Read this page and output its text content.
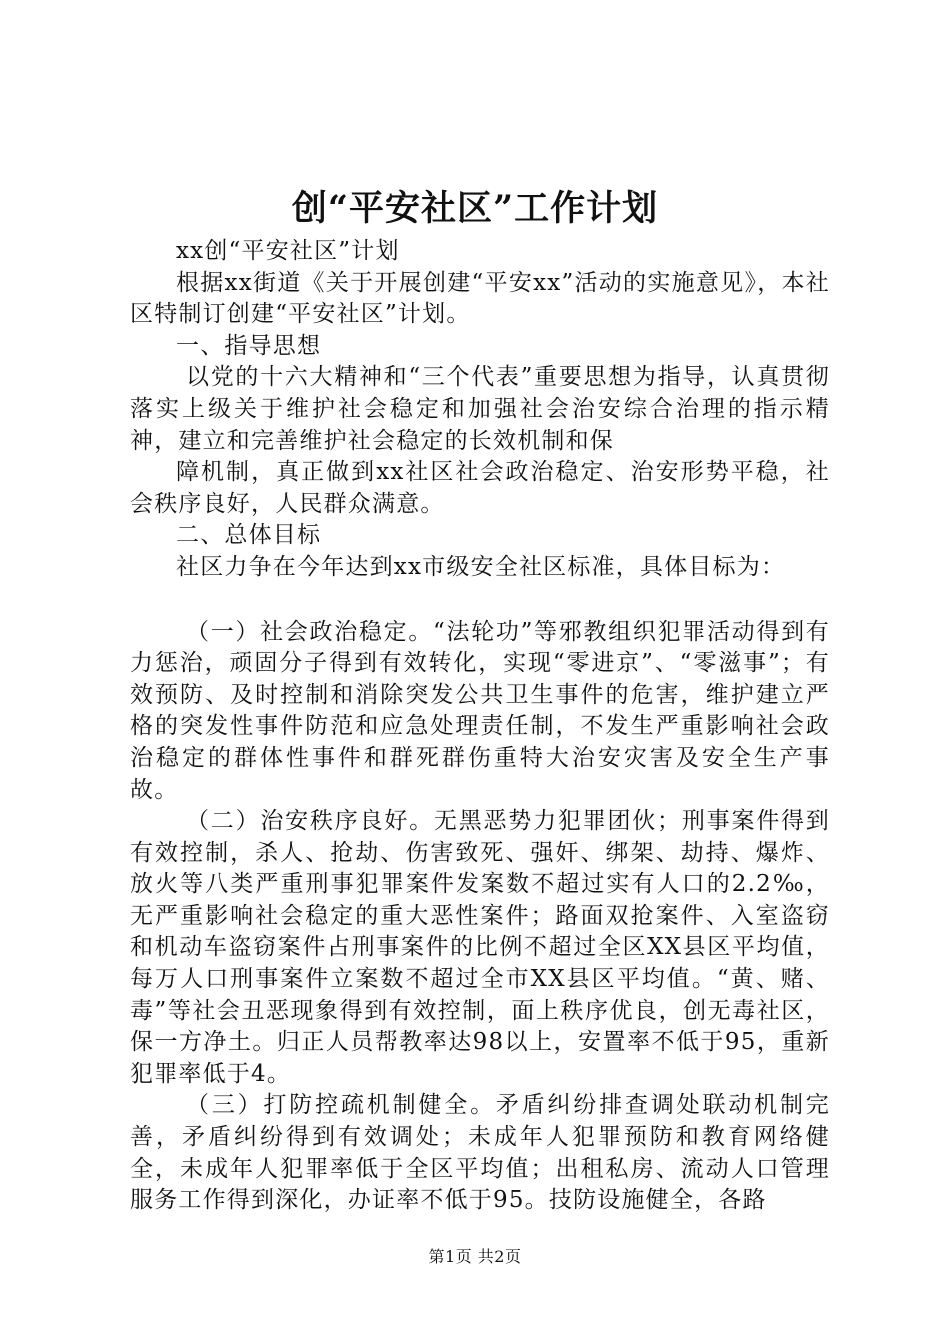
创“平安社区”工作计划

xx创“平安社区”计划

根据xx街道《关于开展创建“平安xx”活动的实施意见》，本社区特制订创建“平安社区”计划。

一、指导思想

以党的十六大精神和“三个代表”重要思想为指导，认真贯彻落实上级关于维护社会稳定和加强社会治安综合治理的指示精神，建立和完善维护社会稳定的长效机制和保

障机制，真正做到xx社区社会政治稳定、治安形势平稳，社会秩序良好，人民群众满意。

二、总体目标

社区力争在今年达到xx市级安全社区标准，具体目标为：

（一）社会政治稳定。“法轮功”等邪教组织犯罪活动得到有力惩治，顽固分子得到有效转化，实现“零进京”、“零滋事”；有效预防、及时控制和消除突发公共卫生事件的危害，维护建立严格的突发性事件防范和应急处理责任制，不发生严重影响社会政治稳定的群体性事件和群死群伤重特大治安灾害及安全生产事故。

（二）治安秩序良好。无黑恶势力犯罪团伙；刑事案件得到有效控制，杀人、抢劫、伤害致死、强奸、绑架、劫持、爆炸、放火等八类严重刑事犯罪案件发案数不超过实有人口的2.2‰，无严重影响社会稳定的重大恶性案件；路面双抢案件、入室盗窃和机动车盗窃案件占刑事案件的比例不超过全区XX县区平均值，每万人口刑事案件立案数不超过全市XX县区平均值。“黄、赌、毒”等社会丑恶现象得到有效控制，面上秩序优良，创无毒社区，保一方净土。归正人员帮教率达98以上，安置率不低于95，重新犯罪率低于4。

（三）打防控疏机制健全。矛盾纠纷排查调处联动机制完善，矛盾纠纷得到有效调处；未成年人犯罪预防和教育网络健全，未成年人犯罪率低于全区平均值；出租私房、流动人口管理服务工作得到深化，办证率不低于95。技防设施健全，各路

第1页 共2页
